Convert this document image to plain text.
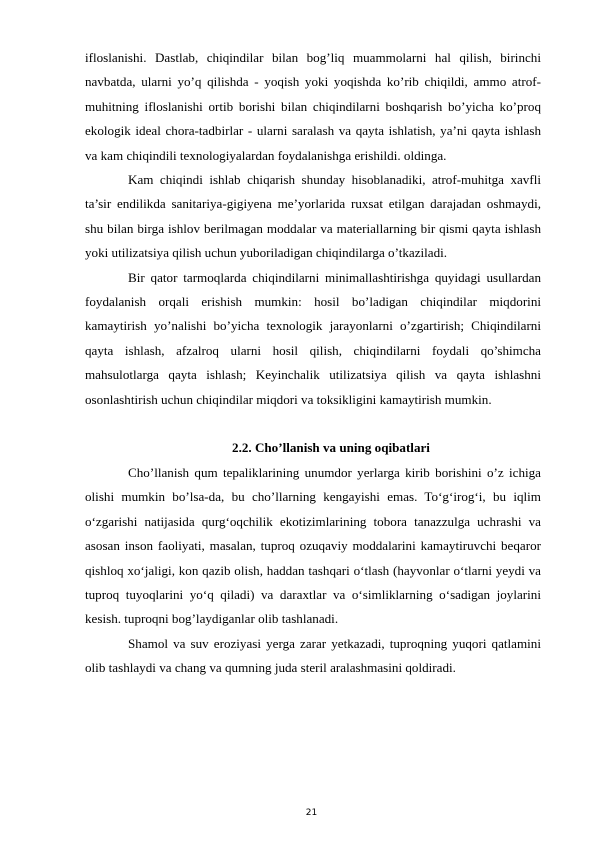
ifloslanishi. Dastlab, chiqindilar bilan bog’liq muammolarni hal qilish, birinchi navbatda, ularni yo’q qilishda - yoqish yoki yoqishda ko’rib chiqildi, ammo atrof-muhitning ifloslanishi ortib borishi bilan chiqindilarni boshqarish bo’yicha ko’proq ekologik ideal chora-tadbirlar - ularni saralash va qayta ishlatish, ya’ni qayta ishlash va kam chiqindili texnologiyalardan foydalanishga erishildi. oldinga.

Kam chiqindi ishlab chiqarish shunday hisoblanadiki, atrof-muhitga xavfli ta’sir endilikda sanitariya-gigiyena me’yorlarida ruxsat etilgan darajadan oshmaydi, shu bilan birga ishlov berilmagan moddalar va materiallarning bir qismi qayta ishlash yoki utilizatsiya qilish uchun yuboriladigan chiqindilarga o’tkaziladi.

Bir qator tarmoqlarda chiqindilarni minimallashtirishga quyidagi usullardan foydalanish orqali erishish mumkin: hosil bo’ladigan chiqindilar miqdorini kamaytirish yo’nalishi bo’yicha texnologik jarayonlarni o’zgartirish; Chiqindilarni qayta ishlash, afzalroq ularni hosil qilish, chiqindilarni foydali qo’shimcha mahsulotlarga qayta ishlash; Keyinchalik utilizatsiya qilish va qayta ishlashni osonlashtirish uchun chiqindilar miqdori va toksikligini kamaytirish mumkin.

2.2. Cho’llanish va uning oqibatlari

Cho’llanish qum tepaliklarining unumdor yerlarga kirib borishini o’z ichiga olishi mumkin bo’lsa-da, bu cho’llarning kengayishi emas. To‘g‘irog‘i, bu iqlim o‘zgarishi natijasida qurg‘oqchilik ekotizimlarining tobora tanazzulga uchrashi va asosan inson faoliyati, masalan, tuproq ozuqaviy moddalarini kamaytiruvchi beqaror qishloq xo‘jaligi, kon qazib olish, haddan tashqari o‘tlash (hayvonlar o‘tlarni yeydi va tuproq tuyoqlarini yo‘q qiladi) va daraxtlar va o‘simliklarning o‘sadigan joylarini kesish. tuproqni bog’laydiganlar olib tashlanadi.

Shamol va suv eroziyasi yerga zarar yetkazadi, tuproqning yuqori qatlamini olib tashlaydi va chang va qumning juda steril aralashmasini qoldiradi.

21
